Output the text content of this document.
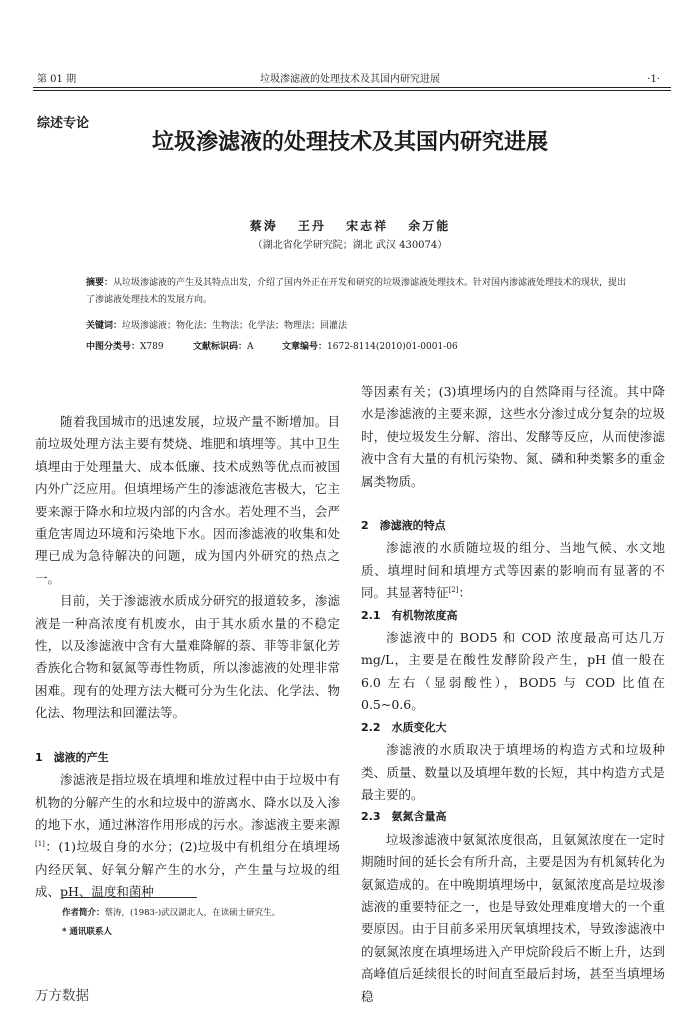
第 01 期	垃圾渗滤液的处理技术及其国内研究进展	·1·
综述专论
垃圾渗滤液的处理技术及其国内研究进展
蔡涛 王丹 宋志祥 余万能
（湖北省化学研究院；湖北 武汉 430074）
摘要：从垃圾渗滤液的产生及其特点出发，介绍了国内外正在开发和研究的垃圾渗滤液处理技术。针对国内渗滤液处理技术的现状，提出了渗滤液处理技术的发展方向。
关键词：垃圾渗滤液；物化法；生物法；化学法；物理法；回灌法
中图分类号：X789	文献标识码：A	文章编号：1672-8114(2010)01-0001-06

随着我国城市的迅速发展，垃圾产量不断增加。目前垃圾处理方法主要有焚烧、堆肥和填埋等。其中卫生填埋由于处理量大、成本低廉、技术成熟等优点而被国内外广泛应用。但填埋场产生的渗滤液危害极大，它主要来源于降水和垃圾内部的内含水。若处理不当，会严重危害周边环境和污染地下水。因而渗滤液的收集和处理已成为急待解决的问题，成为国内外研究的热点之一。

目前，关于渗滤液水质成分研究的报道较多，渗滤液是一种高浓度有机废水，由于其水质水量的不稳定性，以及渗滤液中含有大量难降解的萘、菲等非氯化芳香族化合物和氨氮等毒性物质，所以渗滤液的处理非常困难。现有的处理方法大概可分为生化法、化学法、物化法、物理法和回灌法等。

1　滤液的产生

渗滤液是指垃圾在填埋和堆放过程中由于垃圾中有机物的分解产生的水和垃圾中的游离水、降水以及入渗的地下水，通过淋溶作用形成的污水。渗滤液主要来源[1]：(1)垃圾自身的水分；(2)垃圾中有机组分在填埋场内经厌氧、好氧分解产生的水分，产生量与垃圾的组成、pH、温度和菌种

等因素有关；(3)填埋场内的自然降雨与径流。其中降水是渗滤液的主要来源，这些水分渗过成分复杂的垃圾时，使垃圾发生分解、溶出、发酵等反应，从而使渗滤液中含有大量的有机污染物、氮、磷和种类繁多的重金属类物质。

2　渗滤液的特点

渗滤液的水质随垃圾的组分、当地气候、水文地质、填埋时间和填埋方式等因素的影响而有显著的不同。其显著特征[2]：

2.1　有机物浓度高

渗滤液中的 BOD5 和 COD 浓度最高可达几万 mg/L，主要是在酸性发酵阶段产生，pH 值一般在 6.0 左右（显弱酸性），BOD5 与 COD 比值在 0.5~0.6。

2.2　水质变化大

渗滤液的水质取决于填埋场的构造方式和垃圾种类、质量、数量以及填埋年数的长短，其中构造方式是最主要的。

2.3　氨氮含量高

垃圾渗滤液中氨氮浓度很高，且氨氮浓度在一定时期随时间的延长会有所升高，主要是因为有机氮转化为氨氮造成的。在中晚期填埋场中，氨氮浓度高是垃圾渗滤液的重要特征之一，也是导致处理难度增大的一个重要原因。由于目前多采用厌氧填埋技术，导致渗滤液中的氨氮浓度在填埋场进入产甲烷阶段后不断上升，达到高峰值后延续很长的时间直至最后封场，甚至当填埋场稳

作者简介：蔡涛，(1983-)武汉湖北人，在读硕士研究生。
* 通讯联系人
万方数据
